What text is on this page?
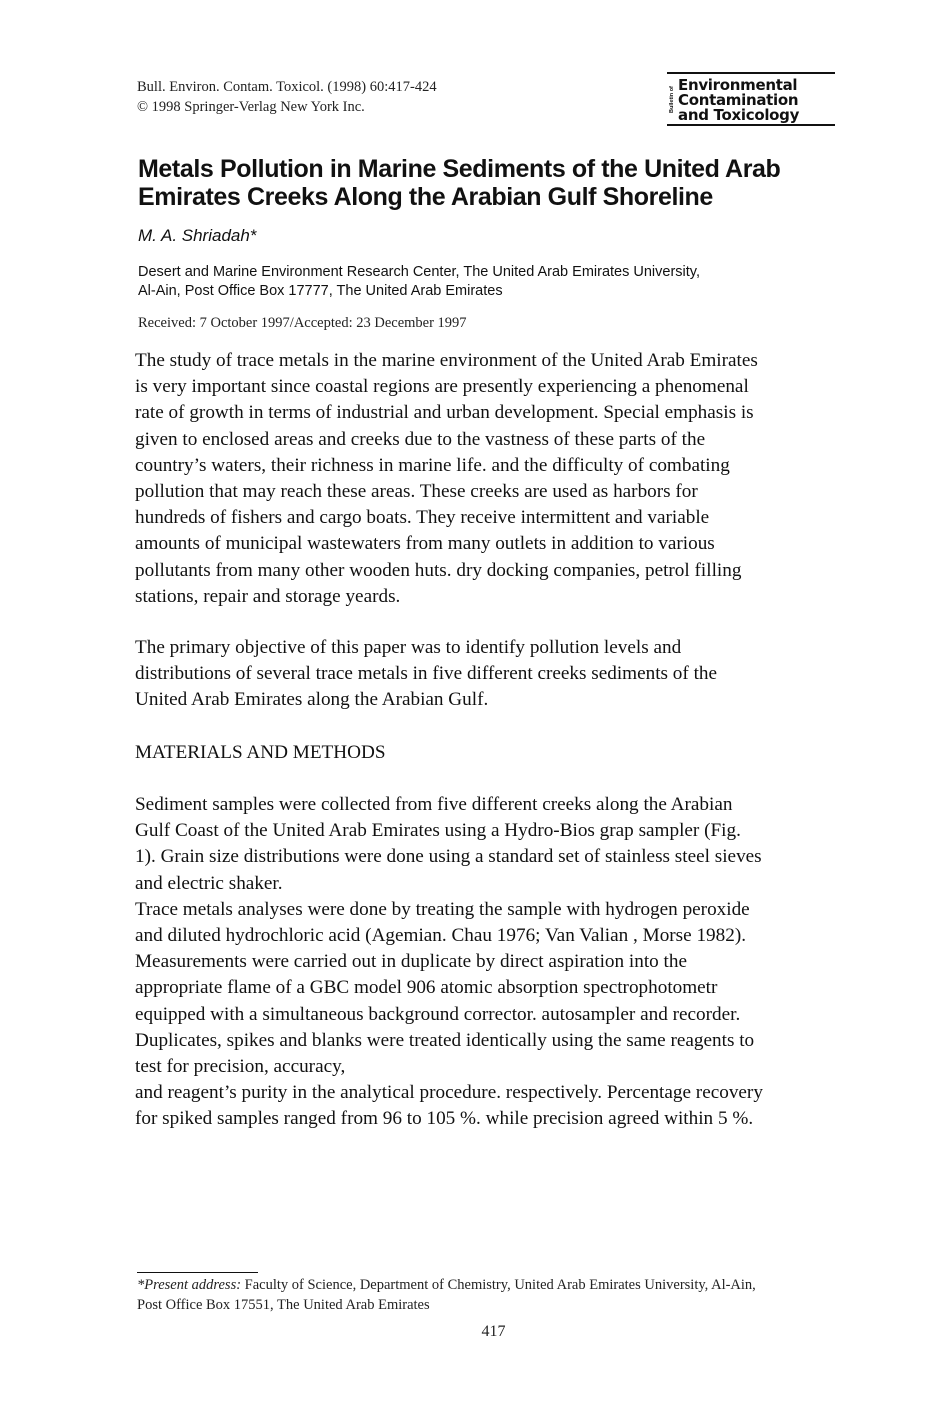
Bull. Environ. Contam. Toxicol. (1998) 60:417-424
© 1998 Springer-Verlag New York Inc.	Bulletin of
Environmental
Contamination
and Toxicology
Metals Pollution in Marine Sediments of the United Arab
Emirates Creeks Along the Arabian Gulf Shoreline
M. A. Shriadah*
Desert and Marine Environment Research Center, The United Arab Emirates University,
Al-Ain, Post Office Box 17777, The United Arab Emirates
Received: 7 October 1997/Accepted: 23 December 1997
The study of trace metals in the marine environment of the United Arab Emirates
is very important since coastal regions are presently experiencing a phenomenal
rate of growth in terms of industrial and urban development. Special emphasis is
given to enclosed areas and creeks due to the vastness of these parts of the
country’s waters, their richness in marine life. and the difficulty of combating
pollution that may reach these areas. These creeks are used as harbors for
hundreds of fishers and cargo boats. They receive intermittent and variable
amounts of municipal wastewaters from many outlets in addition to various
pollutants from many other wooden huts. dry docking companies, petrol filling
stations, repair and storage yeards.
The primary objective of this paper was to identify pollution levels and
distributions of several trace metals in five different creeks sediments of the
United Arab Emirates along the Arabian Gulf.
MATERIALS AND METHODS
Sediment samples were collected from five different creeks along the Arabian
Gulf Coast of the United Arab Emirates using a Hydro-Bios grap sampler (Fig.
1). Grain size distributions were done using a standard set of stainless steel sieves
and electric shaker.
Trace metals analyses were done by treating the sample with hydrogen peroxide
and diluted hydrochloric acid (Agemian. Chau 1976; Van Valian , Morse 1982).
Measurements were carried out in duplicate by direct aspiration into the
appropriate flame of a GBC model 906 atomic absorption spectrophotometr
equipped with a simultaneous background corrector. autosampler and recorder.
Duplicates, spikes and blanks were treated identically using the same reagents to
test for precision, accuracy,
and reagent’s purity in the analytical procedure. respectively. Percentage recovery
for spiked samples ranged from 96 to 105 %. while precision agreed within 5 %.
*Present address: Faculty of Science, Department of Chemistry, United Arab Emirates University, Al-Ain,
Post Office Box 17551, The United Arab Emirates
417
